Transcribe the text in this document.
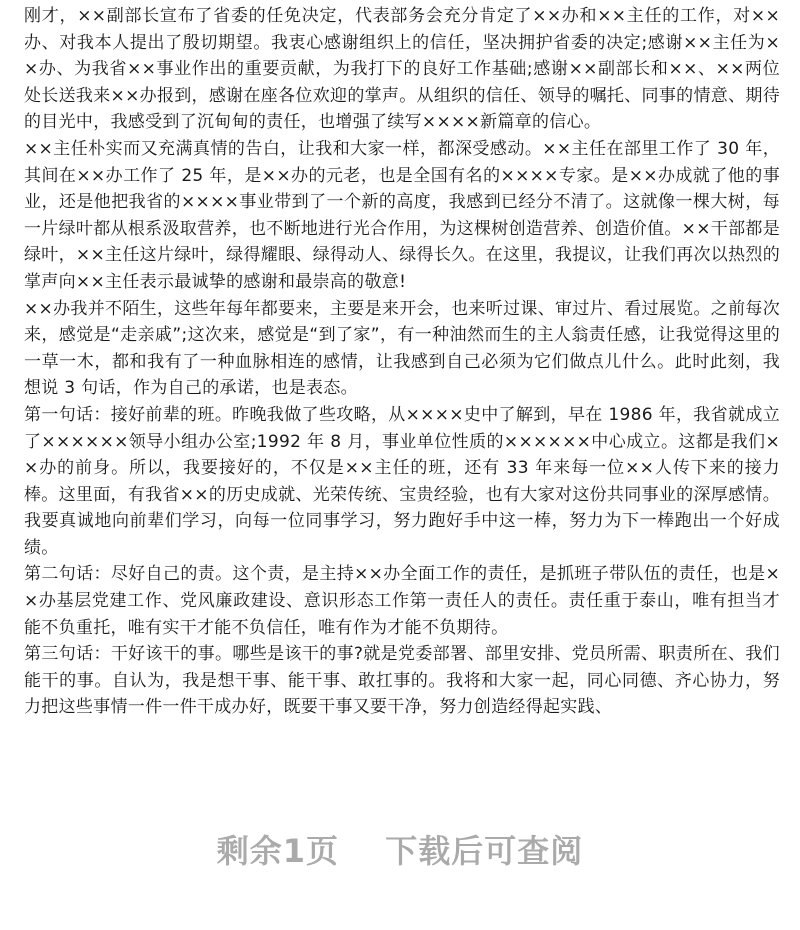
刚才，××副部长宣布了省委的任免决定，代表部务会充分肯定了××办和××主任的工作，对××办、对我本人提出了殷切期望。我衷心感谢组织上的信任，坚决拥护省委的决定;感谢××主任为××办、为我省××事业作出的重要贡献，为我打下的良好工作基础;感谢××副部长和××、××两位处长送我来××办报到，感谢在座各位欢迎的掌声。从组织的信任、领导的嘱托、同事的情意、期待的目光中，我感受到了沉甸甸的责任，也增强了续写××××新篇章的信心。

××主任朴实而又充满真情的告白，让我和大家一样，都深受感动。××主任在部里工作了 30 年，其间在××办工作了 25 年，是××办的元老，也是全国有名的××××专家。是××办成就了他的事业，还是他把我省的××××事业带到了一个新的高度，我感到已经分不清了。这就像一棵大树，每一片绿叶都从根系汲取营养，也不断地进行光合作用，为这棵树创造营养、创造价值。××干部都是绿叶，××主任这片绿叶，绿得耀眼、绿得动人、绿得长久。在这里，我提议，让我们再次以热烈的掌声向××主任表示最诚挚的感谢和最崇高的敬意!

××办我并不陌生，这些年每年都要来，主要是来开会，也来听过课、审过片、看过展览。之前每次来，感觉是“走亲戚”;这次来，感觉是“到了家”，有一种油然而生的主人翁责任感，让我觉得这里的一草一木，都和我有了一种血脉相连的感情，让我感到自己必须为它们做点儿什么。此时此刻，我想说 3 句话，作为自己的承诺，也是表态。

第一句话：接好前辈的班。昨晚我做了些攻略，从××××史中了解到，早在 1986 年，我省就成立了××××××领导小组办公室;1992 年 8 月，事业单位性质的××××××中心成立。这都是我们××办的前身。所以，我要接好的，不仅是××主任的班，还有 33 年来每一位××人传下来的接力棒。这里面，有我省××的历史成就、光荣传统、宝贵经验，也有大家对这份共同事业的深厚感情。我要真诚地向前辈们学习，向每一位同事学习，努力跑好手中这一棒，努力为下一棒跑出一个好成绩。

第二句话：尽好自己的责。这个责，是主持××办全面工作的责任，是抓班子带队伍的责任，也是××办基层党建工作、党风廉政建设、意识形态工作第一责任人的责任。责任重于泰山，唯有担当才能不负重托，唯有实干才能不负信任，唯有作为才能不负期待。

第三句话：干好该干的事。哪些是该干的事?就是党委部署、部里安排、党员所需、职责所在、我们能干的事。自认为，我是想干事、能干事、敢扛事的。我将和大家一起，同心同德、齐心协力，努力把这些事情一件一件干成办好，既要干事又要干净，努力创造经得起实践、

剩余1页 下载后可查阅
